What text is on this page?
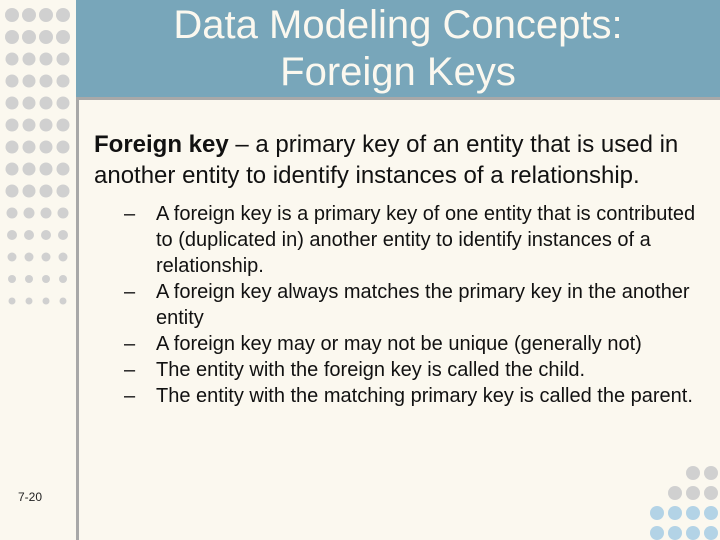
7-20
Data Modeling Concepts:
Foreign Keys

Foreign key – a primary key of an entity that is used in another entity to identify instances of a relationship.

– A foreign key is a primary key of one entity that is contributed to (duplicated in) another entity to identify instances of a relationship.
– A foreign key always matches the primary key in the another entity
– A foreign key may or may not be unique (generally not)
– The entity with the foreign key is called the child.
– The entity with the matching primary key is called the parent.
